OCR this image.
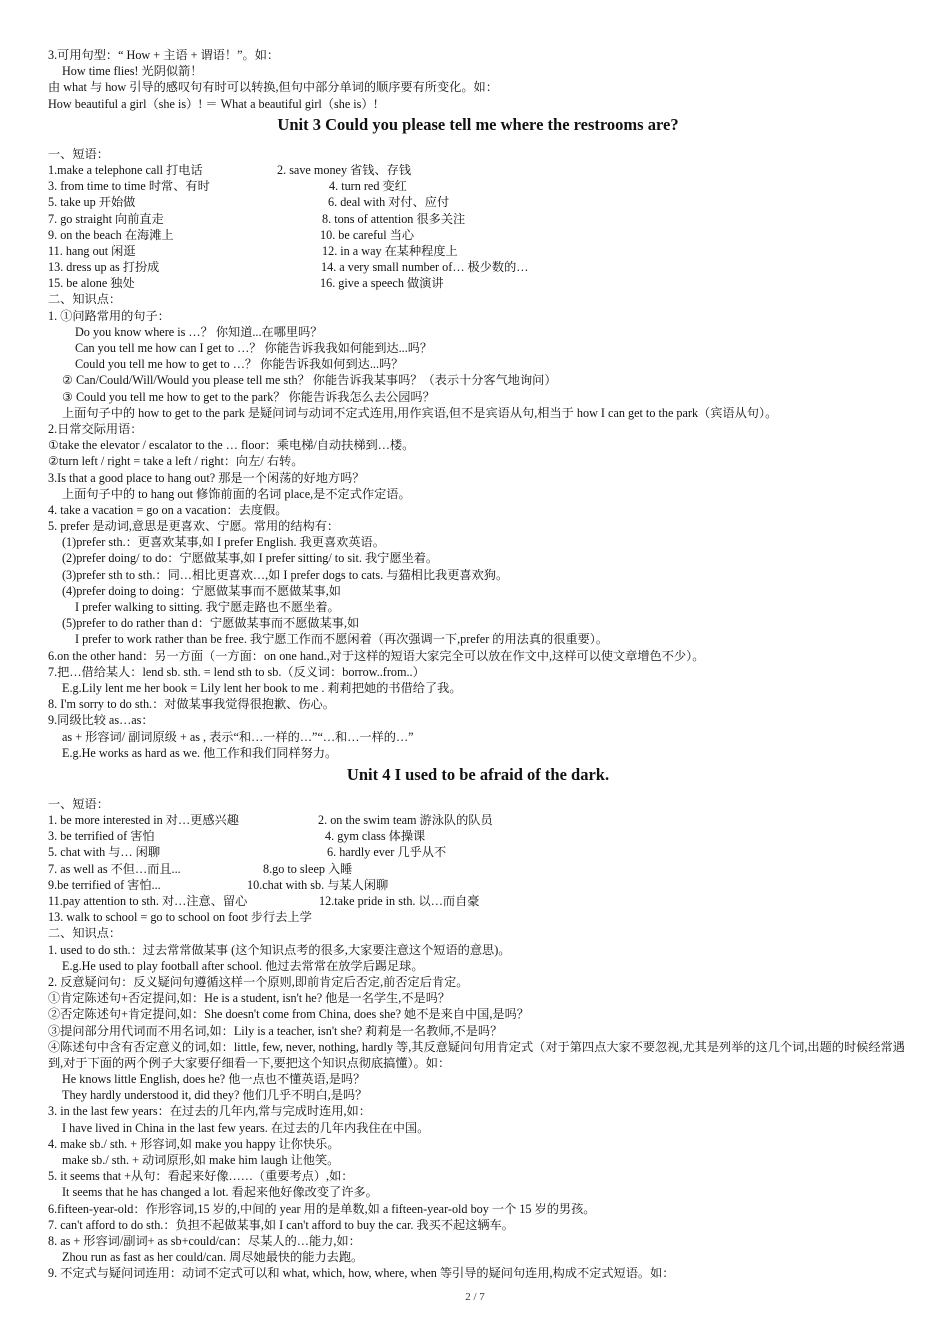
3.可用句型：“ How + 主语 + 谓语！”。如：
How time flies! 光阴似箭！
由 what 与 how 引导的感叹句有时可以转换,但句中部分单词的顺序要有所变化。如：
How beautiful a girl（she is）! ＝ What a beautiful girl（she is）!
Unit 3 Could you please tell me where the restrooms are?
一、短语：
1.make a telephone call 打电话	2. save money 省钱、存钱
3. from time to time 时常、有时	4. turn red 变红
5. take up 开始做	6. deal with 对付、应付
7. go straight 向前直走	8. tons of attention 很多关注
9. on the beach 在海滩上	10. be careful 当心
11. hang out 闲逛	12. in a way 在某种程度上
13. dress up as 打扮成	14. a very small number of… 极少数的…
15. be alone 独处	16. give a speech 做演讲
二、知识点：
1. ①问路常用的句子：
Do you know where is …？ 你知道...在哪里吗？
Can you tell me how can I get to …？ 你能告诉我我如何能到达...吗？
Could you tell me how to get to …？ 你能告诉我如何到达...吗？
② Can/Could/Will/Would you please tell me sth？ 你能告诉我某事吗？（表示十分客气地询问）
③ Could you tell me how to get to the park？ 你能告诉我怎么去公园吗？
上面句子中的 how to get to the park 是疑问词与动词不定式连用,用作宾语,但不是宾语从句,相当于 how I can get to the park（宾语从句）。
2.日常交际用语：
①take the elevator / escalator to the … floor：乘电梯/自动扶梯到…楼。
②turn left / right = take a left / right：向左/ 右转。
3.Is that a good place to hang out? 那是一个闲荡的好地方吗？
上面句子中的 to hang out 修饰前面的名词 place,是不定式作定语。
4. take a vacation = go on a vacation：去度假。
5. prefer 是动词,意思是更喜欢、宁愿。常用的结构有：
(1)prefer sth.：更喜欢某事,如 I prefer English. 我更喜欢英语。
(2)prefer doing/ to do：宁愿做某事,如 I prefer sitting/ to sit. 我宁愿坐着。
(3)prefer sth to sth.：同…相比更喜欢…,如 I prefer dogs to cats. 与猫相比我更喜欢狗。
(4)prefer doing to doing：宁愿做某事而不愿做某事,如
I prefer walking to sitting. 我宁愿走路也不愿坐着。
(5)prefer to do rather than d：宁愿做某事而不愿做某事,如
I prefer to work rather than be free. 我宁愿工作而不愿闲着（再次强调一下,prefer 的用法真的很重要）。
6.on the other hand：另一方面（一方面：on one hand.,对于这样的短语大家完全可以放在作文中,这样可以使文章增色不少）。
7.把…借给某人：lend sb. sth. = lend sth to sb.（反义词：borrow..from..）
E.g.Lily lent me her book = Lily lent her book to me . 莉莉把她的书借给了我。
8. I'm sorry to do sth.：对做某事我觉得很抱歉、伤心。
9.同级比较 as…as：
as + 形容词/ 副词原级 + as , 表示“和…一样的…”“…和…一样的…”
E.g.He works as hard as we. 他工作和我们同样努力。
Unit 4 I used to be afraid of the dark.
一、短语：
1. be more interested in 对…更感兴趣	2. on the swim team 游泳队的队员
3. be terrified of 害怕	4. gym class 体操课
5. chat with 与… 闲聊	6. hardly ever 几乎从不
7. as well as 不但…而且...	8.go to sleep 入睡
9.be terrified of 害怕...	10.chat with sb. 与某人闲聊
11.pay attention to sth. 对…注意、留心	12.take pride in sth. 以…而自豪
13. walk to school = go to school on foot 步行去上学
二、知识点：
1. used to do sth.：过去常常做某事 (这个知识点考的很多,大家要注意这个短语的意思)。
E.g.He used to play football after school. 他过去常常在放学后踢足球。
2. 反意疑问句：反义疑问句遵循这样一个原则,即前肯定后否定,前否定后肯定。
①肯定陈述句+否定提问,如：He is a student, isn't he? 他是一名学生,不是吗？
②否定陈述句+肯定提问,如：She doesn't come from China, does she? 她不是来自中国,是吗？
③提问部分用代词而不用名词,如：Lily is a teacher, isn't she? 莉莉是一名教师,不是吗？
④陈述句中含有否定意义的词,如：little, few, never, nothing, hardly 等,其反意疑问句用肯定式（对于第四点大家不要忽视,尤其是列举的这几个词,出题的时候经常遇到,对于下面的两个例子大家要仔细看一下,要把这个知识点彻底搞懂）。如：
He knows little English, does he? 他一点也不懂英语,是吗？
They hardly understood it, did they? 他们几乎不明白,是吗？
3. in the last few years：在过去的几年内,常与完成时连用,如：
I have lived in China in the last few years. 在过去的几年内我住在中国。
4. make sb./ sth. + 形容词,如 make you happy 让你快乐。
make sb./ sth. + 动词原形,如 make him laugh 让他笑。
5. it seems that +从句：看起来好像……（重要考点）,如：
It seems that he has changed a lot. 看起来他好像改变了许多。
6.fifteen-year-old：作形容词,15 岁的,中间的 year 用的是单数,如 a fifteen-year-old boy 一个 15 岁的男孩。
7. can't afford to do sth.：负担不起做某事,如 I can't afford to buy the car. 我买不起这辆车。
8. as + 形容词/副词+ as sb+could/can：尽某人的…能力,如：
Zhou run as fast as her could/can. 周尽她最快的能力去跑。
9. 不定式与疑问词连用：动词不定式可以和 what, which, how, where, when 等引导的疑问句连用,构成不定式短语。如：
2 / 7
